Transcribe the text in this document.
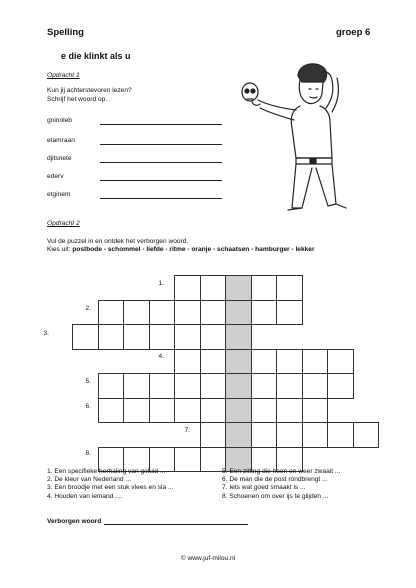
Spelling	groep 6
e die klinkt als u
Opdracht 1
Kun jij achterstevoren lezen?
Schrijf het woord op.
gninoleb
etamraan
djitsnete
ederv
etginem
Opdracht 2
Vul de puzzel in en ontdek het verborgen woord.
Kies uit: postbode - schommel - liefde - ritme - oranje - schaatsen - hamburger - lekker
1.
2.
3.
4.
5.
6.
7.
8.
1. Een specifieke herhaling van geluid ...
2. De kleur van Nederland ...
3. Een broodje met een stuk vlees en sla ...
4. Houden van iemand ....
5. Een zitting die heen en weer zwaait ...
6. De man die de post rondbrengt ...
7. Iets wat goed smaakt is ...
8. Schoenen om over ijs te glijden ...
Verborgen woord
© www.juf-milou.nl
